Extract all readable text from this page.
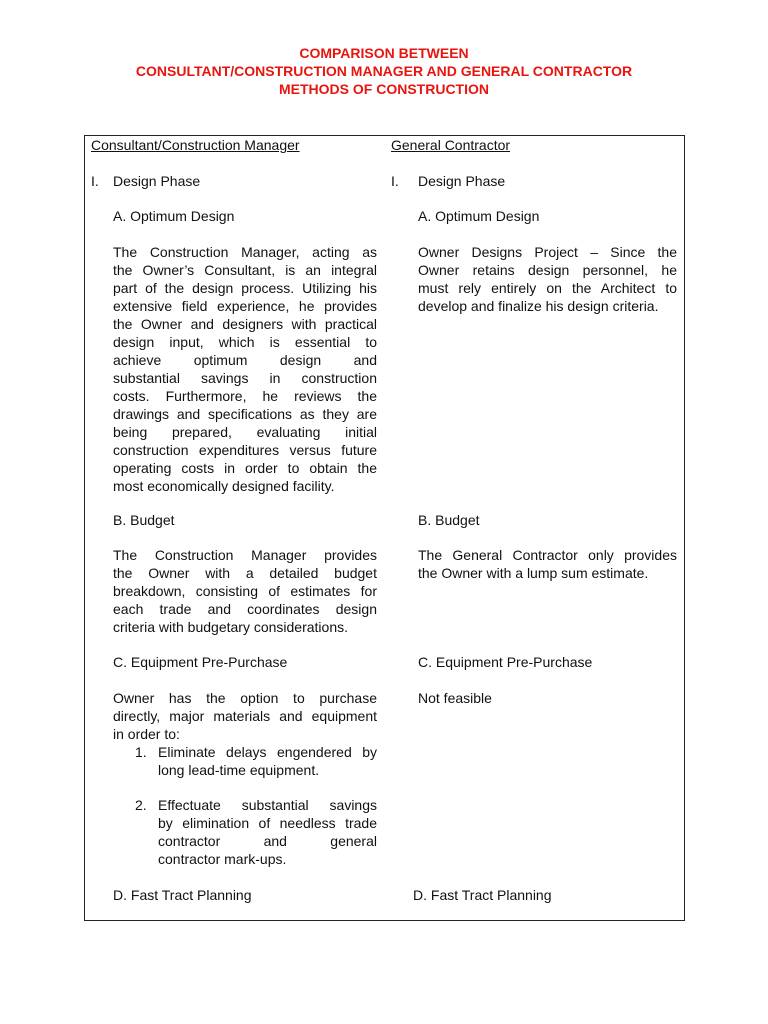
COMPARISON BETWEEN
CONSULTANT/CONSTRUCTION MANAGER AND GENERAL CONTRACTOR
METHODS OF CONSTRUCTION
Consultant/Construction Manager
I. Design Phase
A. Optimum Design
The Construction Manager, acting as
the Owner’s Consultant, is an integral
part of the design process. Utilizing his
extensive field experience, he provides
the Owner and designers with practical
design input, which is essential to
achieve optimum design and
substantial savings in construction
costs. Furthermore, he reviews the
drawings and specifications as they are
being prepared, evaluating initial
construction expenditures versus future
operating costs in order to obtain the
most economically designed facility.
B. Budget
The Construction Manager provides
the Owner with a detailed budget
breakdown, consisting of estimates for
each trade and coordinates design
criteria with budgetary considerations.
C. Equipment Pre-Purchase
Owner has the option to purchase
directly, major materials and equipment
in order to:
1. Eliminate delays engendered by
long lead-time equipment.
2. Effectuate substantial savings
by elimination of needless trade
contractor and general
contractor mark-ups.
D. Fast Tract Planning
General Contractor
I. Design Phase
A. Optimum Design
Owner Designs Project – Since the
Owner retains design personnel, he
must rely entirely on the Architect to
develop and finalize his design criteria.
B. Budget
The General Contractor only provides
the Owner with a lump sum estimate.
C. Equipment Pre-Purchase
Not feasible
D. Fast Tract Planning
